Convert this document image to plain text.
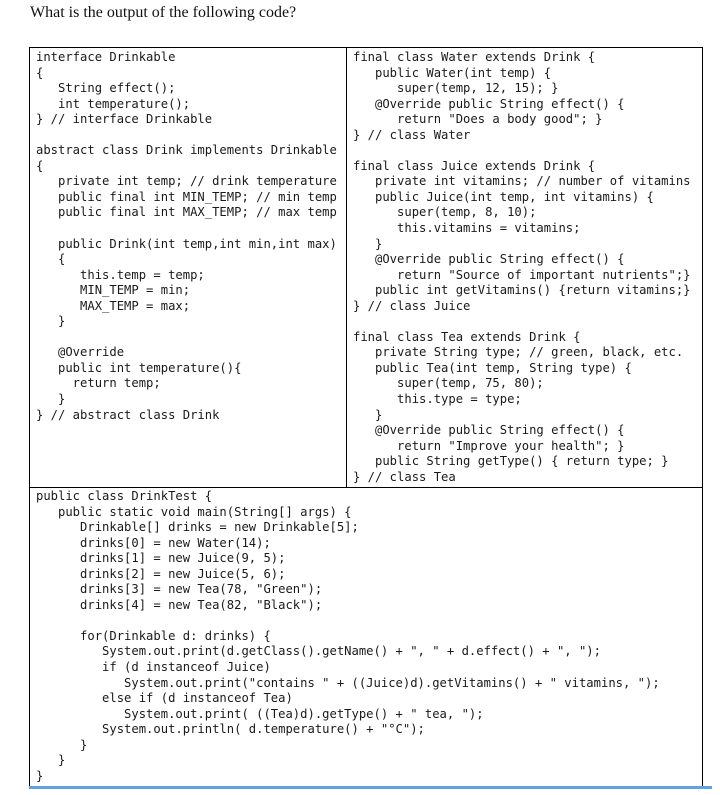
What is the output of the following code?
interface Drinkable
{
String effect();
int temperature();
} // interface Drinkable
abstract class Drink implements Drinkable
{
private int temp; // drink temperature
public final int MIN_TEMP; // min temp
public final int MAX_TEMP; // max temp
public Drink(int temp,int min,int max)
{
this.temp = temp;
MIN_TEMP = min;
MAX_TEMP = max;
}
@Override
public int temperature(){
return temp;
}
} // abstract class Drink
final class Water extends Drink {
public Water(int temp) {
super(temp, 12, 15); }
@Override public String effect() {
return "Does a body good"; }
} // class Water
final class Juice extends Drink {
private int vitamins; // number of vitamins
public Juice(int temp, int vitamins) {
super(temp, 8, 10);
this.vitamins = vitamins;
}
@Override public String effect() {
return "Source of important nutrients";}
public int getVitamins() {return vitamins;}
} // class Juice
final class Tea extends Drink {
private String type; // green, black, etc.
public Tea(int temp, String type) {
super(temp, 75, 80);
this.type = type;
}
@Override public String effect() {
return "Improve your health"; }
public String getType() { return type; }
} // class Tea
public class DrinkTest {
public static void main(String[] args) {
Drinkable[] drinks = new Drinkable[5];
drinks[0] = new Water(14);
drinks[1] = new Juice(9, 5);
drinks[2] = new Juice(5, 6);
drinks[3] = new Tea(78, "Green");
drinks[4] = new Tea(82, "Black");
for(Drinkable d: drinks) {
System.out.print(d.getClass().getName() + ", " + d.effect() + ", ");
if (d instanceof Juice)
System.out.print("contains " + ((Juice)d).getVitamins() + " vitamins, ");
else if (d instanceof Tea)
System.out.print( ((Tea)d).getType() + " tea, ");
System.out.println( d.temperature() + "°C");
}
}
}
